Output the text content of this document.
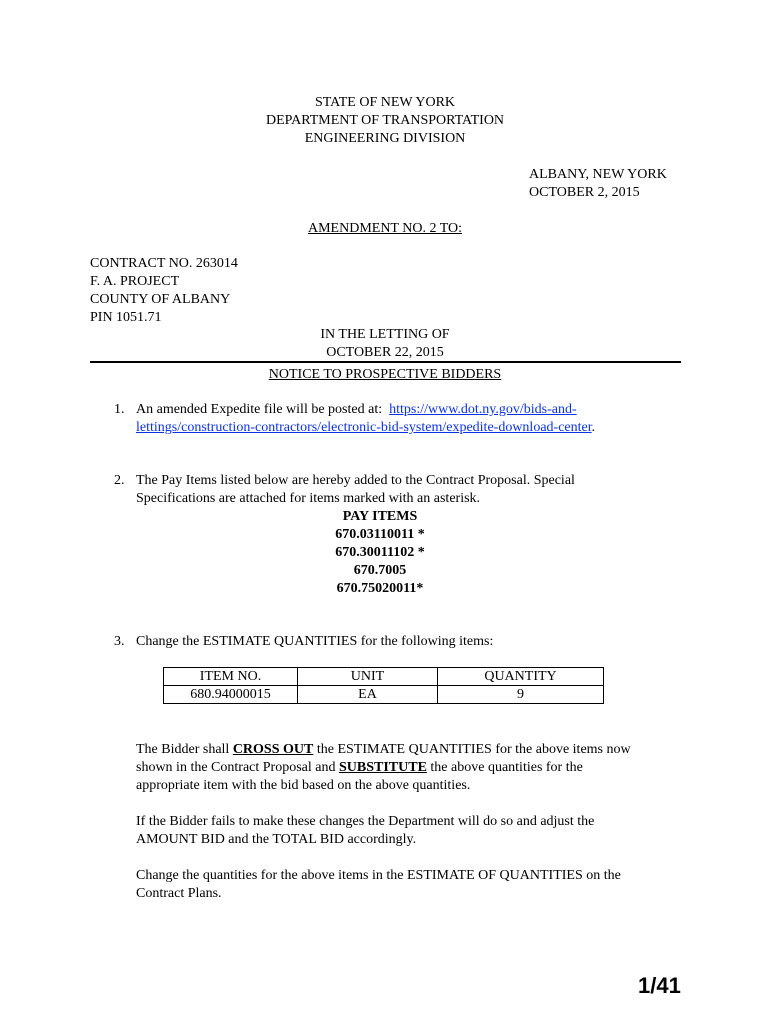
STATE OF NEW YORK
DEPARTMENT OF TRANSPORTATION
ENGINEERING DIVISION
ALBANY, NEW YORK
OCTOBER 2, 2015
AMENDMENT NO. 2 TO:
CONTRACT NO. 263014
F. A. PROJECT
COUNTY OF ALBANY
PIN 1051.71
IN THE LETTING OF
OCTOBER 22, 2015
NOTICE TO PROSPECTIVE BIDDERS
1. An amended Expedite file will be posted at: https://www.dot.ny.gov/bids-and-
lettings/construction-contractors/electronic-bid-system/expedite-download-center.
2. The Pay Items listed below are hereby added to the Contract Proposal. Special
Specifications are attached for items marked with an asterisk.
PAY ITEMS
670.03110011 *
670.30011102 *
670.7005
670.75020011*
3. Change the ESTIMATE QUANTITIES for the following items:
ITEM NO.	UNIT	QUANTITY
680.94000015	EA	9
The Bidder shall CROSS OUT the ESTIMATE QUANTITIES for the above items now
shown in the Contract Proposal and SUBSTITUTE the above quantities for the
appropriate item with the bid based on the above quantities.
If the Bidder fails to make these changes the Department will do so and adjust the
AMOUNT BID and the TOTAL BID accordingly.
Change the quantities for the above items in the ESTIMATE OF QUANTITIES on the
Contract Plans.
1/41
